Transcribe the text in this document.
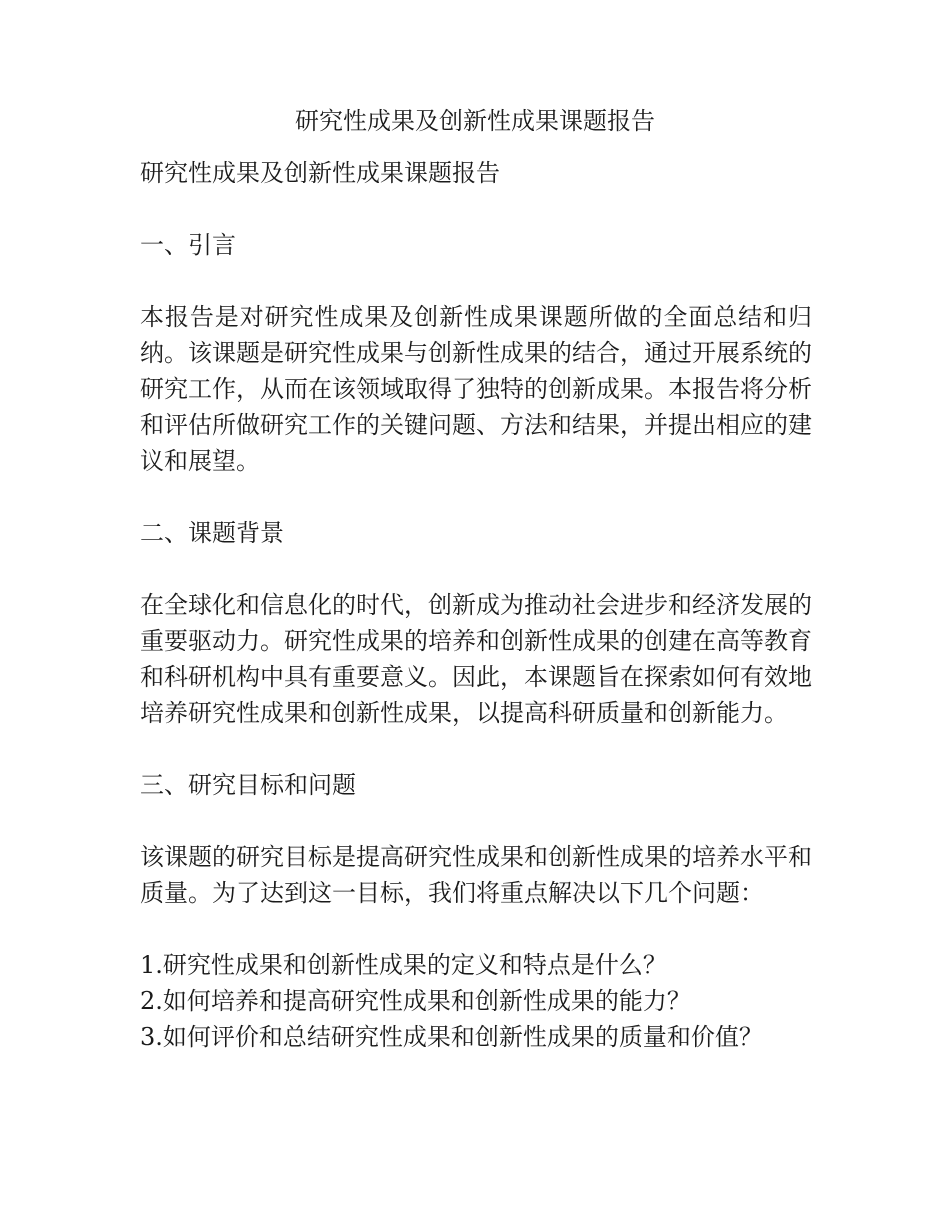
研究性成果及创新性成果课题报告

研究性成果及创新性成果课题报告

一、引言

本报告是对研究性成果及创新性成果课题所做的全面总结和归纳。该课题是研究性成果与创新性成果的结合，通过开展系统的研究工作，从而在该领域取得了独特的创新成果。本报告将分析和评估所做研究工作的关键问题、方法和结果，并提出相应的建议和展望。

二、课题背景

在全球化和信息化的时代，创新成为推动社会进步和经济发展的重要驱动力。研究性成果的培养和创新性成果的创建在高等教育和科研机构中具有重要意义。因此，本课题旨在探索如何有效地培养研究性成果和创新性成果，以提高科研质量和创新能力。

三、研究目标和问题

该课题的研究目标是提高研究性成果和创新性成果的培养水平和质量。为了达到这一目标，我们将重点解决以下几个问题：

1.研究性成果和创新性成果的定义和特点是什么？

2.如何培养和提高研究性成果和创新性成果的能力？

3.如何评价和总结研究性成果和创新性成果的质量和价值？
